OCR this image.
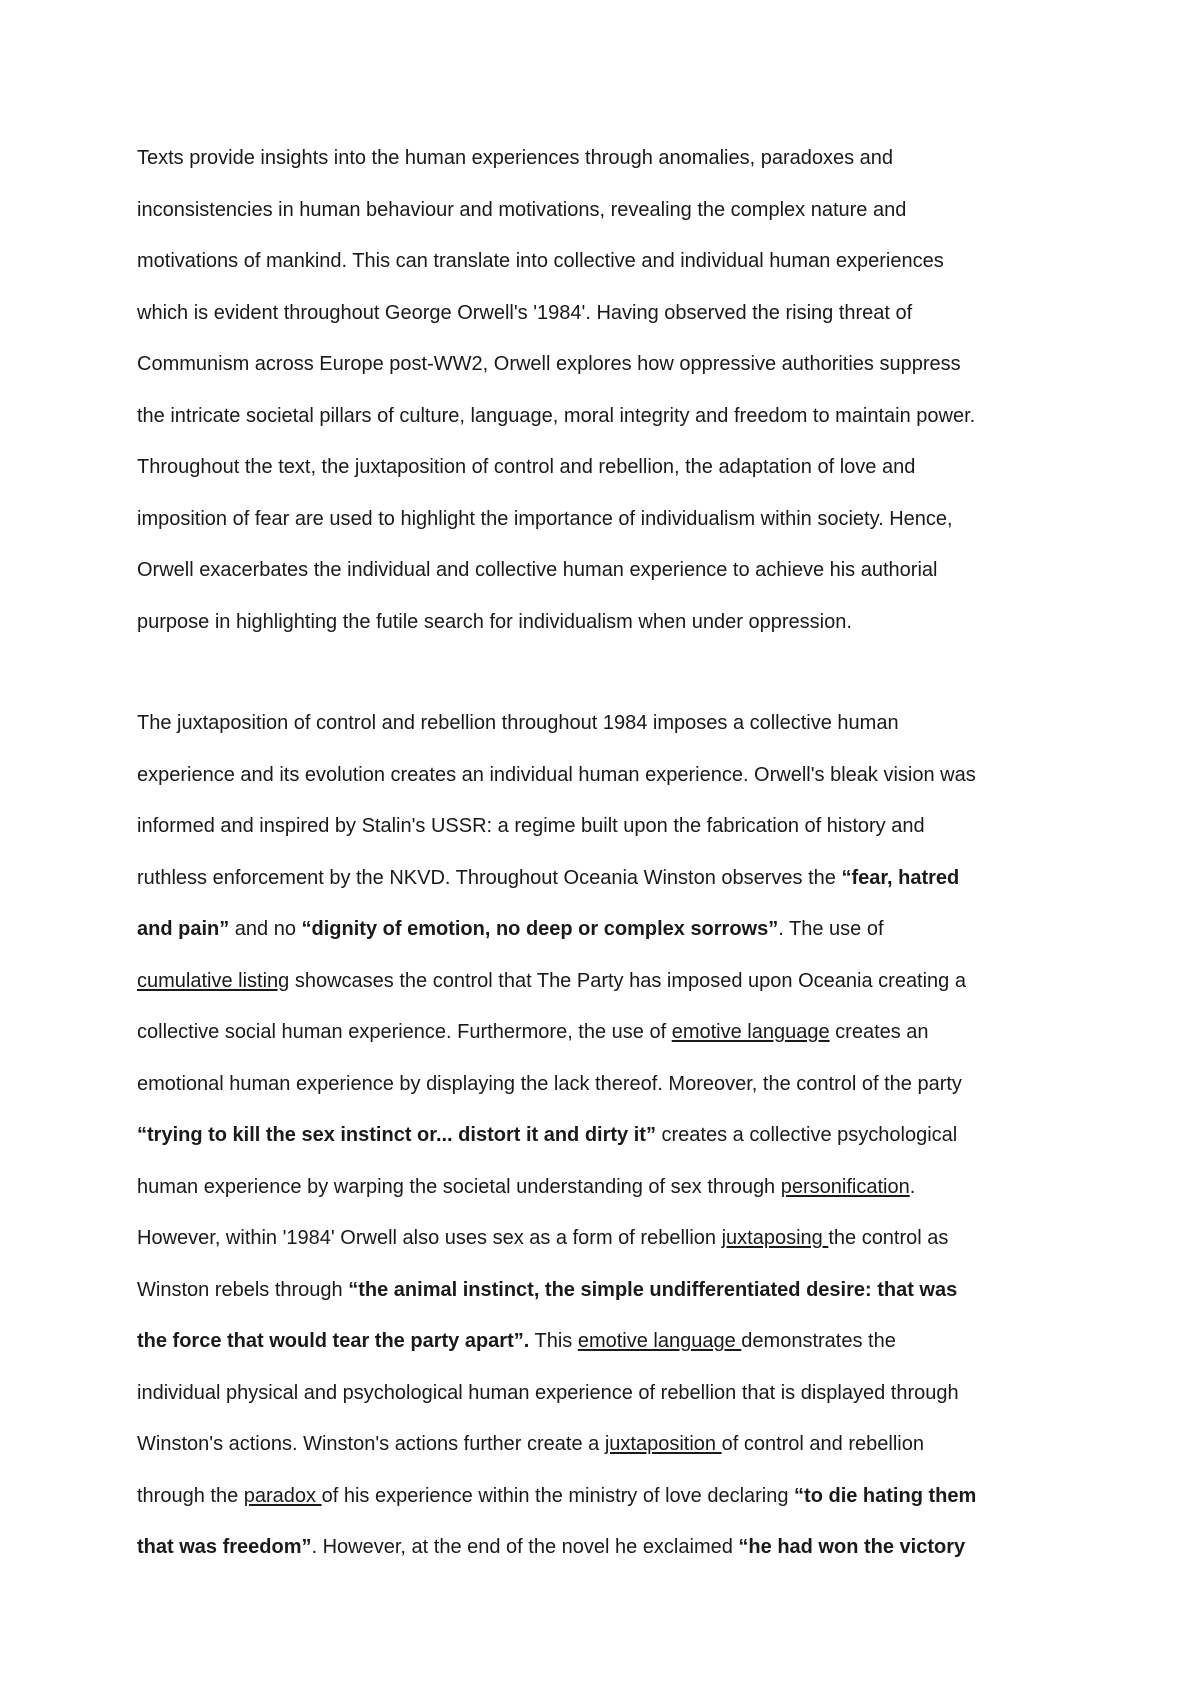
Texts provide insights into the human experiences through anomalies, paradoxes and
inconsistencies in human behaviour and motivations, revealing the complex nature and
motivations of mankind. This can translate into collective and individual human experiences
which is evident throughout George Orwell's '1984'. Having observed the rising threat of
Communism across Europe post-WW2, Orwell explores how oppressive authorities suppress
the intricate societal pillars of culture, language, moral integrity and freedom to maintain power.
Throughout the text, the juxtaposition of control and rebellion, the adaptation of love and
imposition of fear are used to highlight the importance of individualism within society. Hence,
Orwell exacerbates the individual and collective human experience to achieve his authorial
purpose in highlighting the futile search for individualism when under oppression.
The juxtaposition of control and rebellion throughout 1984 imposes a collective human
experience and its evolution creates an individual human experience. Orwell's bleak vision was
informed and inspired by Stalin's USSR: a regime built upon the fabrication of history and
ruthless enforcement by the NKVD. Throughout Oceania Winston observes the “fear, hatred
and pain” and no “dignity of emotion, no deep or complex sorrows”. The use of
cumulative listing showcases the control that The Party has imposed upon Oceania creating a
collective social human experience. Furthermore, the use of emotive language creates an
emotional human experience by displaying the lack thereof. Moreover, the control of the party
“trying to kill the sex instinct or... distort it and dirty it” creates a collective psychological
human experience by warping the societal understanding of sex through personification.
However, within '1984' Orwell also uses sex as a form of rebellion juxtaposing the control as
Winston rebels through “the animal instinct, the simple undifferentiated desire: that was
the force that would tear the party apart”. This emotive language demonstrates the
individual physical and psychological human experience of rebellion that is displayed through
Winston's actions. Winston's actions further create a juxtaposition of control and rebellion
through the paradox of his experience within the ministry of love declaring “to die hating them
that was freedom”. However, at the end of the novel he exclaimed “he had won the victory
